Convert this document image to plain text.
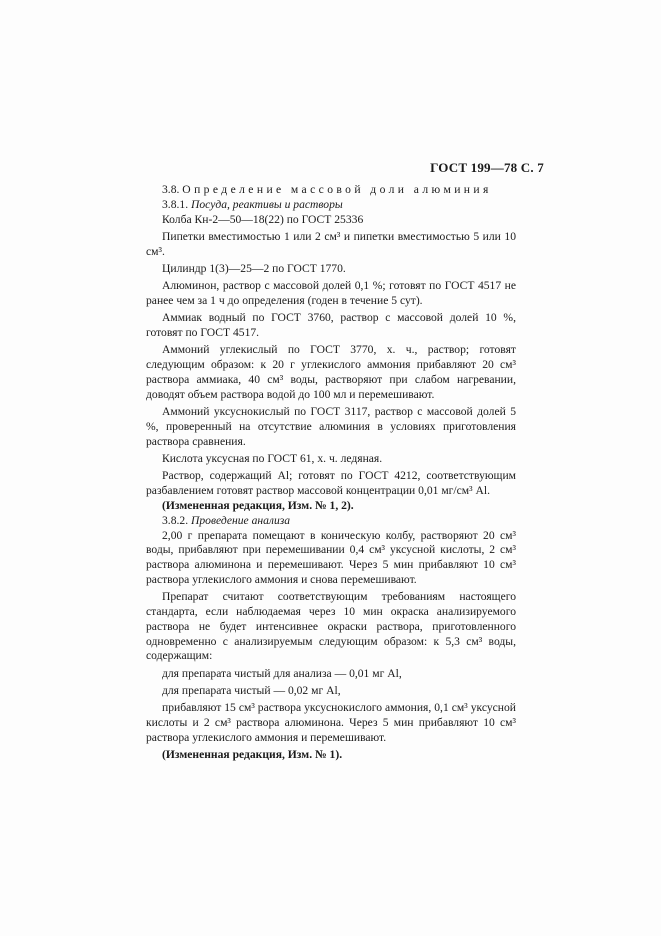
ГОСТ 199—78 С. 7

3.8. Определение массовой доли алюминия

3.8.1. Посуда, реактивы и растворы

Колба Кн-2—50—18(22) по ГОСТ 25336

Пипетки вместимостью 1 или 2 см³ и пипетки вместимостью 5 или 10 см³.

Цилиндр 1(3)—25—2 по ГОСТ 1770.

Алюминон, раствор с массовой долей 0,1 %; готовят по ГОСТ 4517 не ранее чем за 1 ч до определения (годен в течение 5 сут).

Аммиак водный по ГОСТ 3760, раствор с массовой долей 10 %, готовят по ГОСТ 4517.

Аммоний углекислый по ГОСТ 3770, х. ч., раствор; готовят следующим образом: к 20 г углекислого аммония прибавляют 20 см³ раствора аммиака, 40 см³ воды, растворяют при слабом нагревании, доводят объем раствора водой до 100 мл и перемешивают.

Аммоний уксуснокислый по ГОСТ 3117, раствор с массовой долей 5 %, проверенный на отсутствие алюминия в условиях приготовления раствора сравнения.

Кислота уксусная по ГОСТ 61, х. ч. ледяная.

Раствор, содержащий Al; готовят по ГОСТ 4212, соответствующим разбавлением готовят раствор массовой концентрации 0,01 мг/см³ Al.

(Измененная редакция, Изм. № 1, 2).

3.8.2. Проведение анализа

2,00 г препарата помещают в коническую колбу, растворяют 20 см³ воды, прибавляют при перемешивании 0,4 см³ уксусной кислоты, 2 см³ раствора алюминона и перемешивают. Через 5 мин прибавляют 10 см³ раствора углекислого аммония и снова перемешивают.

Препарат считают соответствующим требованиям настоящего стандарта, если наблюдаемая через 10 мин окраска анализируемого раствора не будет интенсивнее окраски раствора, приготовленного одновременно с анализируемым следующим образом: к 5,3 см³ воды, содержащим:

для препарата чистый для анализа — 0,01 мг Al,

для препарата чистый — 0,02 мг Al,

прибавляют 15 см³ раствора уксуснокислого аммония, 0,1 см³ уксусной кислоты и 2 см³ раствора алюминона. Через 5 мин прибавляют 10 см³ раствора углекислого аммония и перемешивают.

(Измененная редакция, Изм. № 1).
